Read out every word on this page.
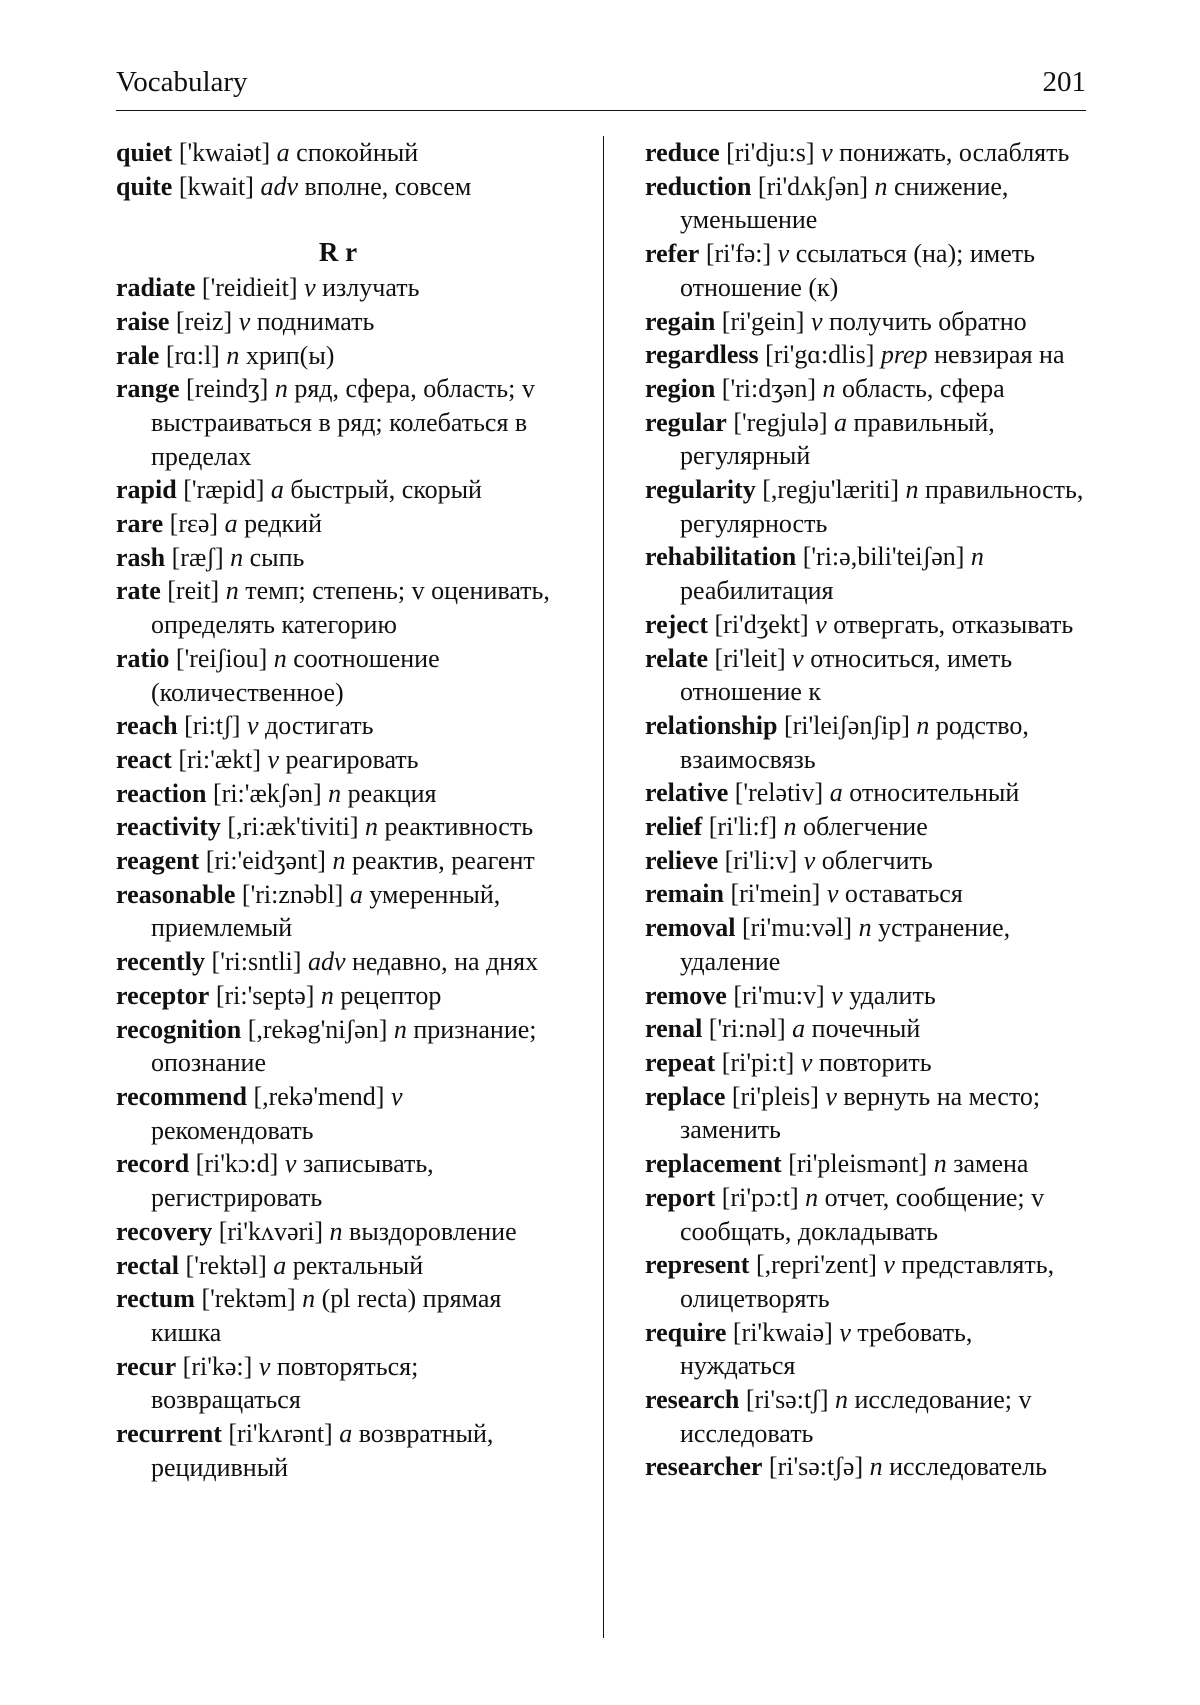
Vocabulary	201
quiet ['kwaiət] a спокойный
quite [kwait] adv вполне, совсем
R r
radiate ['reidieit] v излучать
raise [reiz] v поднимать
rale [rɑ:l] n хрип(ы)
range [reindʒ] n ряд, сфера, область; v выстраиваться в ряд; колебаться в пределах
rapid ['ræpid] a быстрый, скорый
rare [rɛə] a редкий
rash [ræʃ] n сыпь
rate [reit] n темп; степень; v оценивать, определять категорию
ratio ['reiʃiou] n соотношение (количественное)
reach [ri:tʃ] v достигать
react [ri:'ækt] v реагировать
reaction [ri:'ækʃən] n реакция
reactivity [,ri:æk'tiviti] n реактивность
reagent [ri:'eidʒənt] n реактив, реагент
reasonable ['ri:znəbl] a умеренный, приемлемый
recently ['ri:sntli] adv недавно, на днях
receptor [ri:'septə] n рецептор
recognition [,rekəg'niʃən] n признание; опознание
recommend [,rekə'mend] v рекомендовать
record [ri'kɔ:d] v записывать, регистрировать
recovery [ri'kʌvəri] n выздоровление
rectal ['rektəl] a ректальный
rectum ['rektəm] n (pl recta) прямая кишка
recur [ri'kə:] v повторяться; возвращаться
recurrent [ri'kʌrənt] a возвратный, рецидивный
reduce [ri'dju:s] v понижать, ослаблять
reduction [ri'dʌkʃən] n снижение, уменьшение
refer [ri'fə:] v ссылаться (на); иметь отношение (к)
regain [ri'gein] v получить обратно
regardless [ri'gɑ:dlis] prep невзирая на
region ['ri:dʒən] n область, сфера
regular ['regjulə] a правильный, регулярный
regularity [,regju'læriti] n правильность, регулярность
rehabilitation ['ri:ə,bili'teiʃən] n реабилитация
reject [ri'dʒekt] v отвергать, отказывать
relate [ri'leit] v относиться, иметь отношение к
relationship [ri'leiʃənʃip] n родство, взаимосвязь
relative ['relətiv] a относительный
relief [ri'li:f] n облегчение
relieve [ri'li:v] v облегчить
remain [ri'mein] v оставаться
removal [ri'mu:vəl] n устранение, удаление
remove [ri'mu:v] v удалить
renal ['ri:nəl] a почечный
repeat [ri'pi:t] v повторить
replace [ri'pleis] v вернуть на место; заменить
replacement [ri'pleismənt] n замена
report [ri'pɔ:t] n отчет, сообщение; v сообщать, докладывать
represent [,repri'zent] v представлять, олицетворять
require [ri'kwaiə] v требовать, нуждаться
research [ri'sə:tʃ] n исследование; v исследовать
researcher [ri'sə:tʃə] n исследователь
